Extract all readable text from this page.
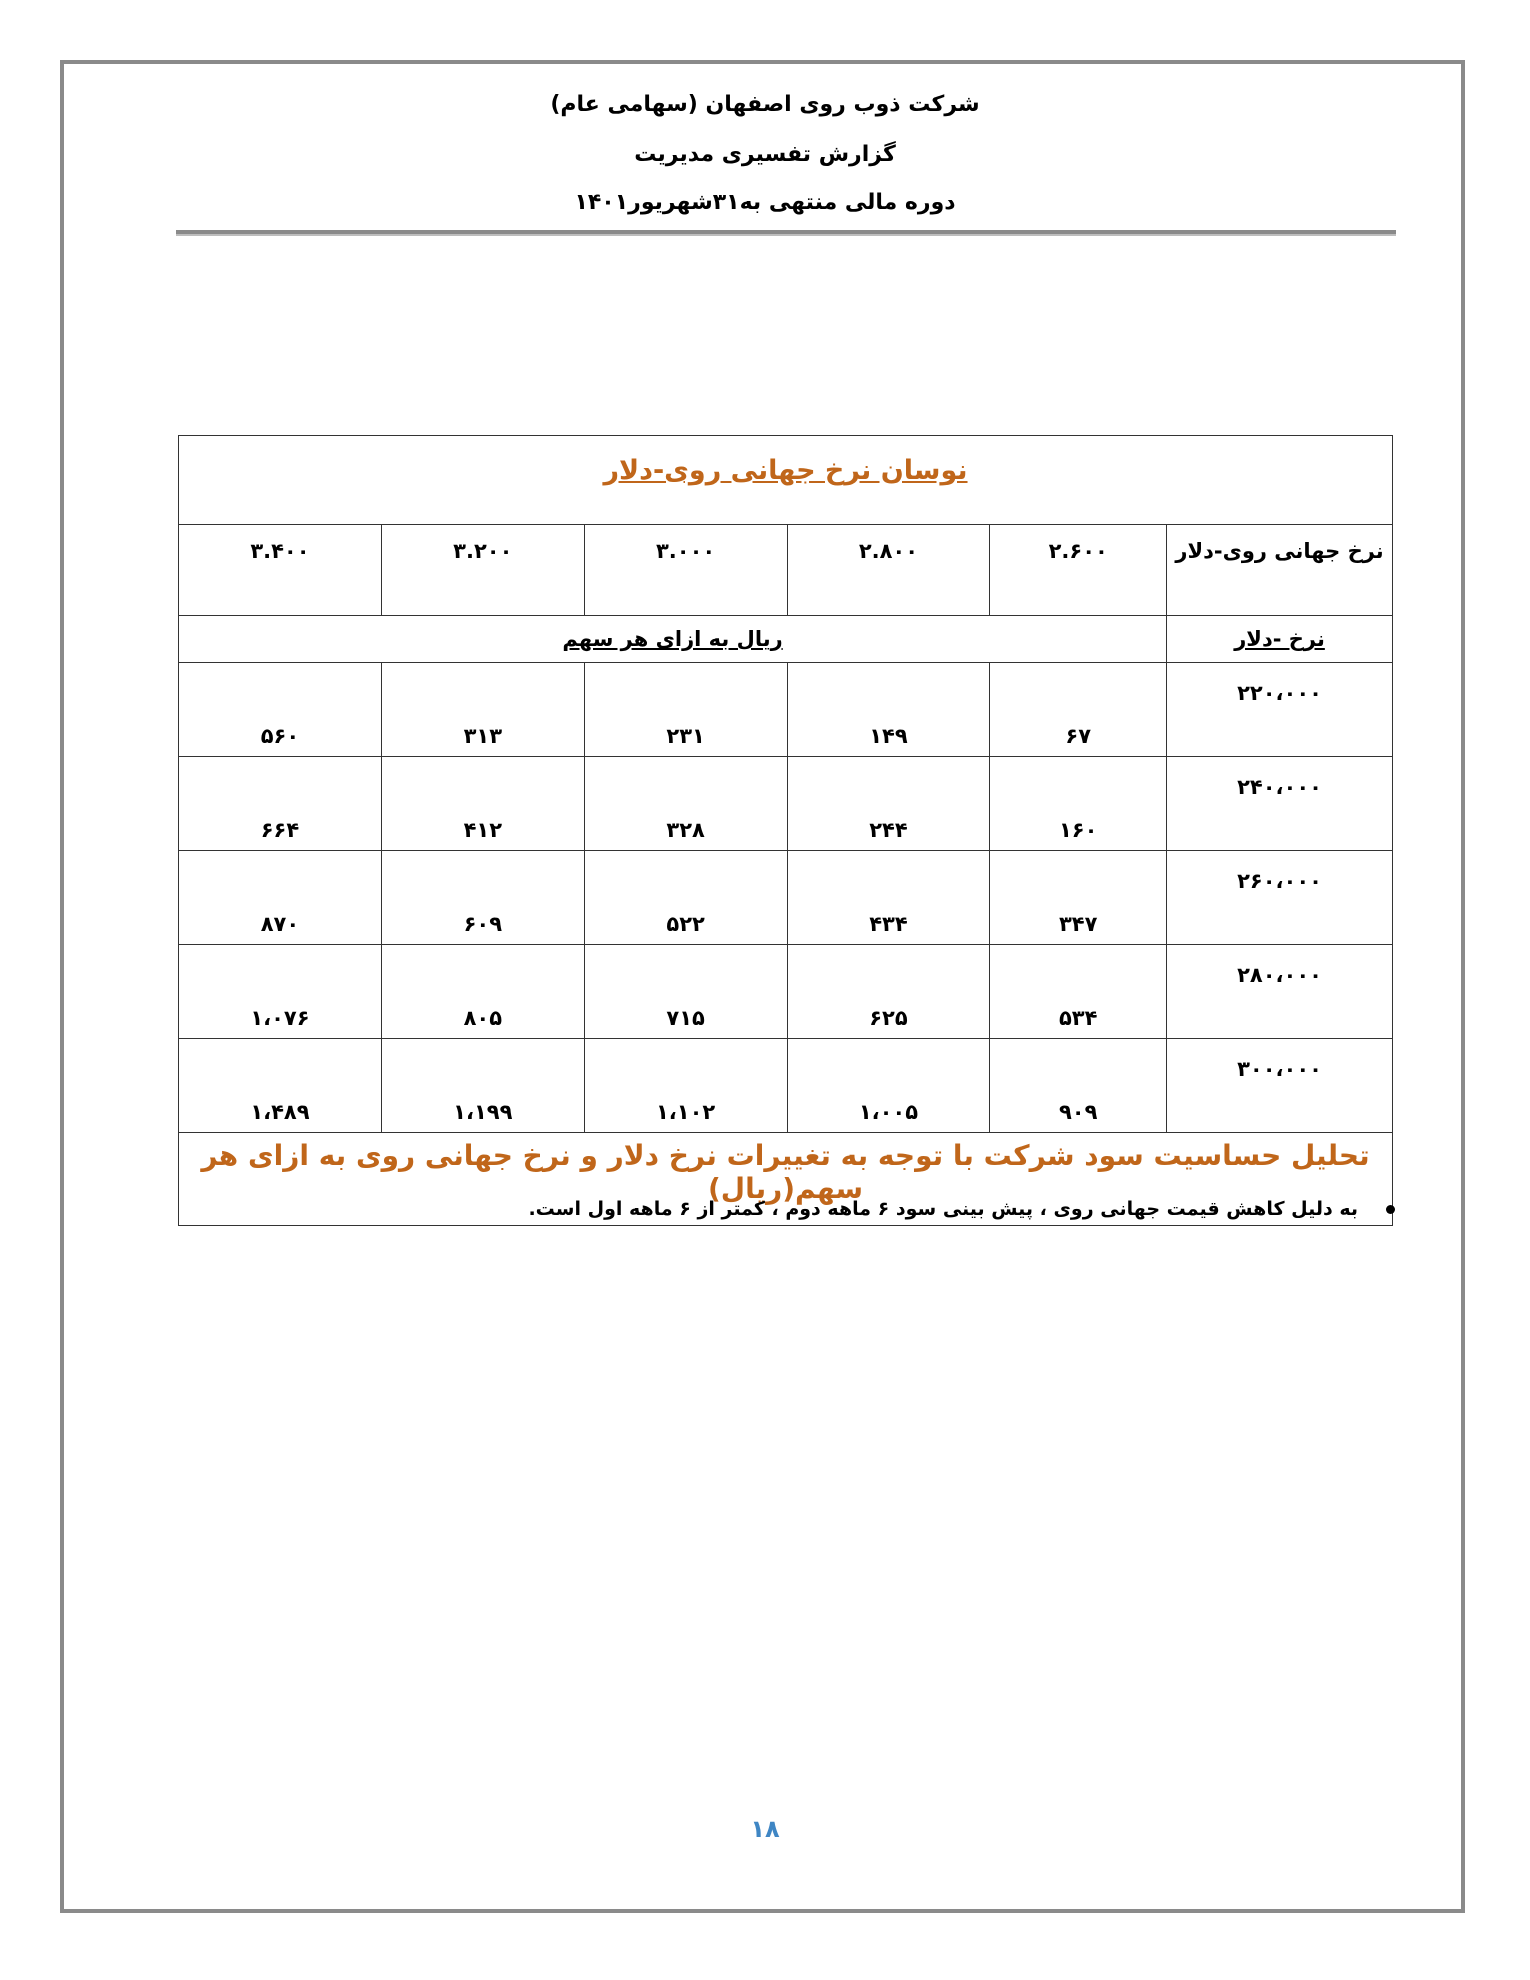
شرکت ذوب روی اصفهان (سهامی عام)
گزارش تفسیری مدیریت
دوره مالی منتهی به۳۱شهریور۱۴۰۱
نوسان نرخ جهانی روی-دلار					
نرخ جهانی روی-دلار	۲.۶۰۰	۲.۸۰۰	۳.۰۰۰	۳.۲۰۰	۳.۴۰۰
نرخ -دلار	ریال به ازای هر سهم				
۲۲۰،۰۰۰	۶۷	۱۴۹	۲۳۱	۳۱۳	۵۶۰
۲۴۰،۰۰۰	۱۶۰	۲۴۴	۳۲۸	۴۱۲	۶۶۴
۲۶۰،۰۰۰	۳۴۷	۴۳۴	۵۲۲	۶۰۹	۸۷۰
۲۸۰،۰۰۰	۵۳۴	۶۲۵	۷۱۵	۸۰۵	۱،۰۷۶
۳۰۰،۰۰۰	۹۰۹	۱،۰۰۵	۱،۱۰۲	۱،۱۹۹	۱،۴۸۹
تحلیل حساسیت سود شرکت با توجه به تغییرات نرخ دلار و نرخ جهانی روی به ازای هر سهم(ریال)					
به دلیل کاهش قیمت جهانی روی ، پیش بینی سود ۶ ماهه دوم ، کمتر از ۶ ماهه اول است.
۱۸
